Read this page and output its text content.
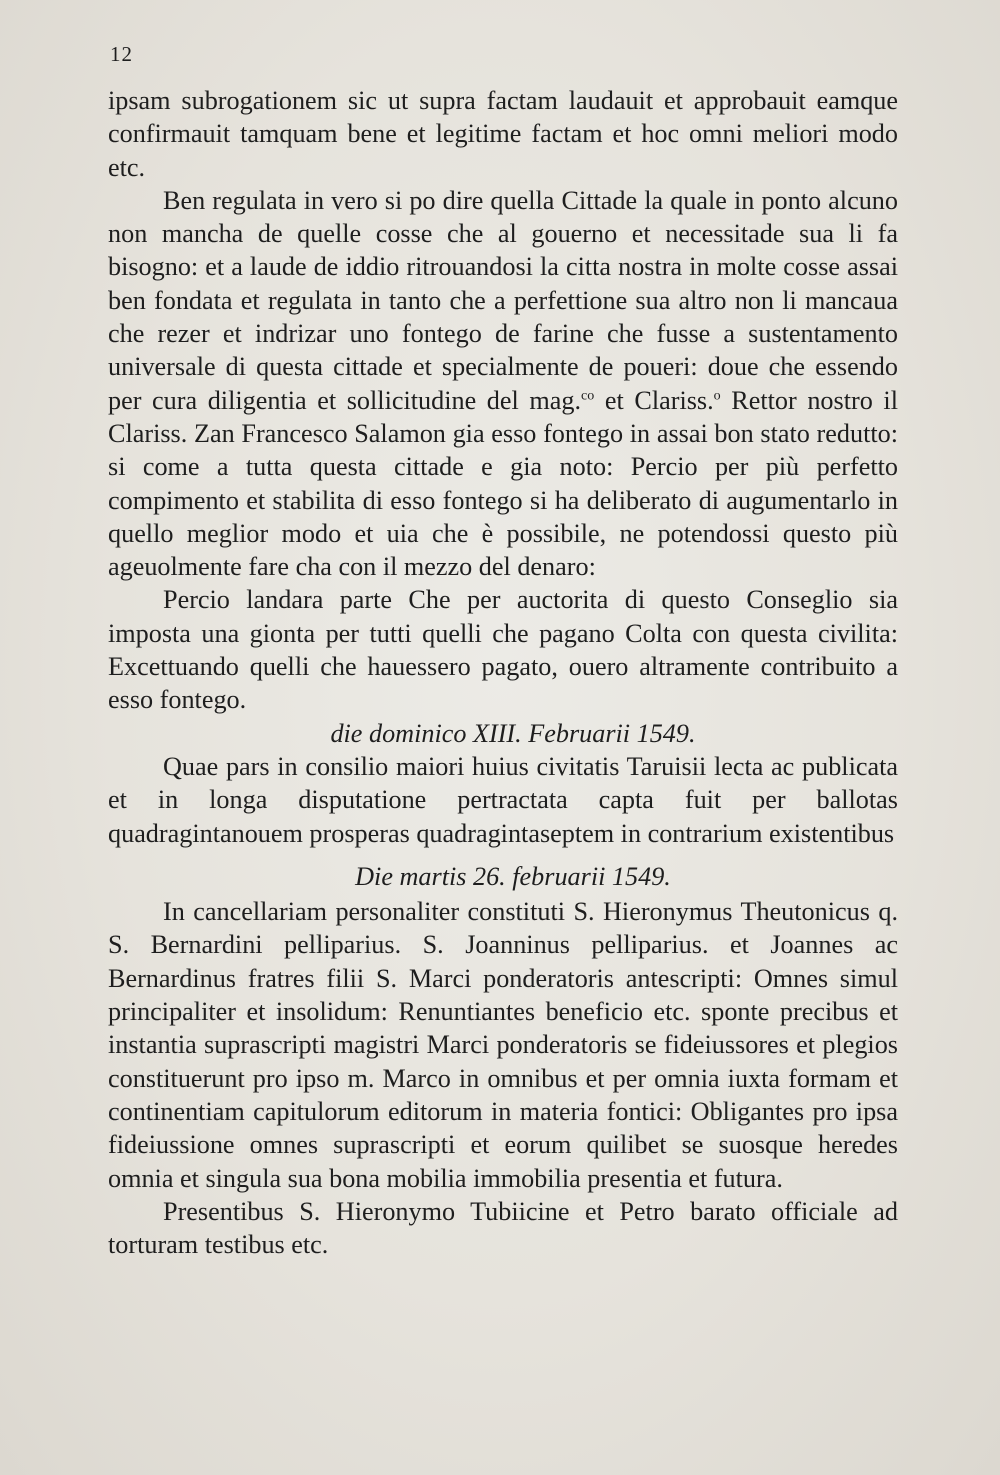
12

ipsam subrogationem sic ut supra factam laudauit et approbauit eamque confirmauit tamquam bene et legitime factam et hoc omni meliori modo etc.

Ben regulata in vero si po dire quella Cittade la quale in ponto alcuno non mancha de quelle cosse che al gouerno et necessitade sua li fa bisogno: et a laude de iddio ritrouandosi la citta nostra in molte cosse assai ben fondata et regulata in tanto che a perfettione sua altro non li mancaua che rezer et indrizar uno fontego de farine che fusse a sustentamento universale di questa cittade et specialmente de poueri: doue che essendo per cura diligentia et sollicitudine del mag.$^{co}$ et Clariss.$^o$ Rettor nostro il Clariss. Zan Francesco Salamon gia esso fontego in assai bon stato redutto: si come a tutta questa cittade e gia noto: Percio per più perfetto compimento et stabilita di esso fontego si ha deliberato di augumentarlo in quello meglior modo et uia che è possibile, ne potendossi questo più ageuolmente fare cha con il mezzo del denaro:

Percio landara parte Che per auctorita di questo Conseglio sia imposta una gionta per tutti quelli che pagano Colta con questa civilita: Excettuando quelli che hauessero pagato, ouero altramente contribuito a esso fontego.

die dominico XIII. Februarii 1549.

Quae pars in consilio maiori huius civitatis Taruisii lecta ac publicata et in longa disputatione pertractata capta fuit per ballotas quadragintanouem prosperas quadragintaseptem in contrarium existentibus

Die martis 26. februarii 1549.

In cancellariam personaliter constituti S. Hieronymus Theutonicus q. S. Bernardini pelliparius. S. Joanninus pelliparius. et Joannes ac Bernardinus fratres filii S. Marci ponderatoris antescripti: Omnes simul principaliter et insolidum: Renuntiantes beneficio etc. sponte precibus et instantia suprascripti magistri Marci ponderatoris se fideiussores et plegios constituerunt pro ipso m. Marco in omnibus et per omnia iuxta formam et continentiam capitulorum editorum in materia fontici: Obligantes pro ipsa fideiussione omnes suprascripti et eorum quilibet se suosque heredes omnia et singula sua bona mobilia immobilia presentia et futura.

Presentibus S. Hieronymo Tubiicine et Petro barato officiale ad torturam testibus etc.
